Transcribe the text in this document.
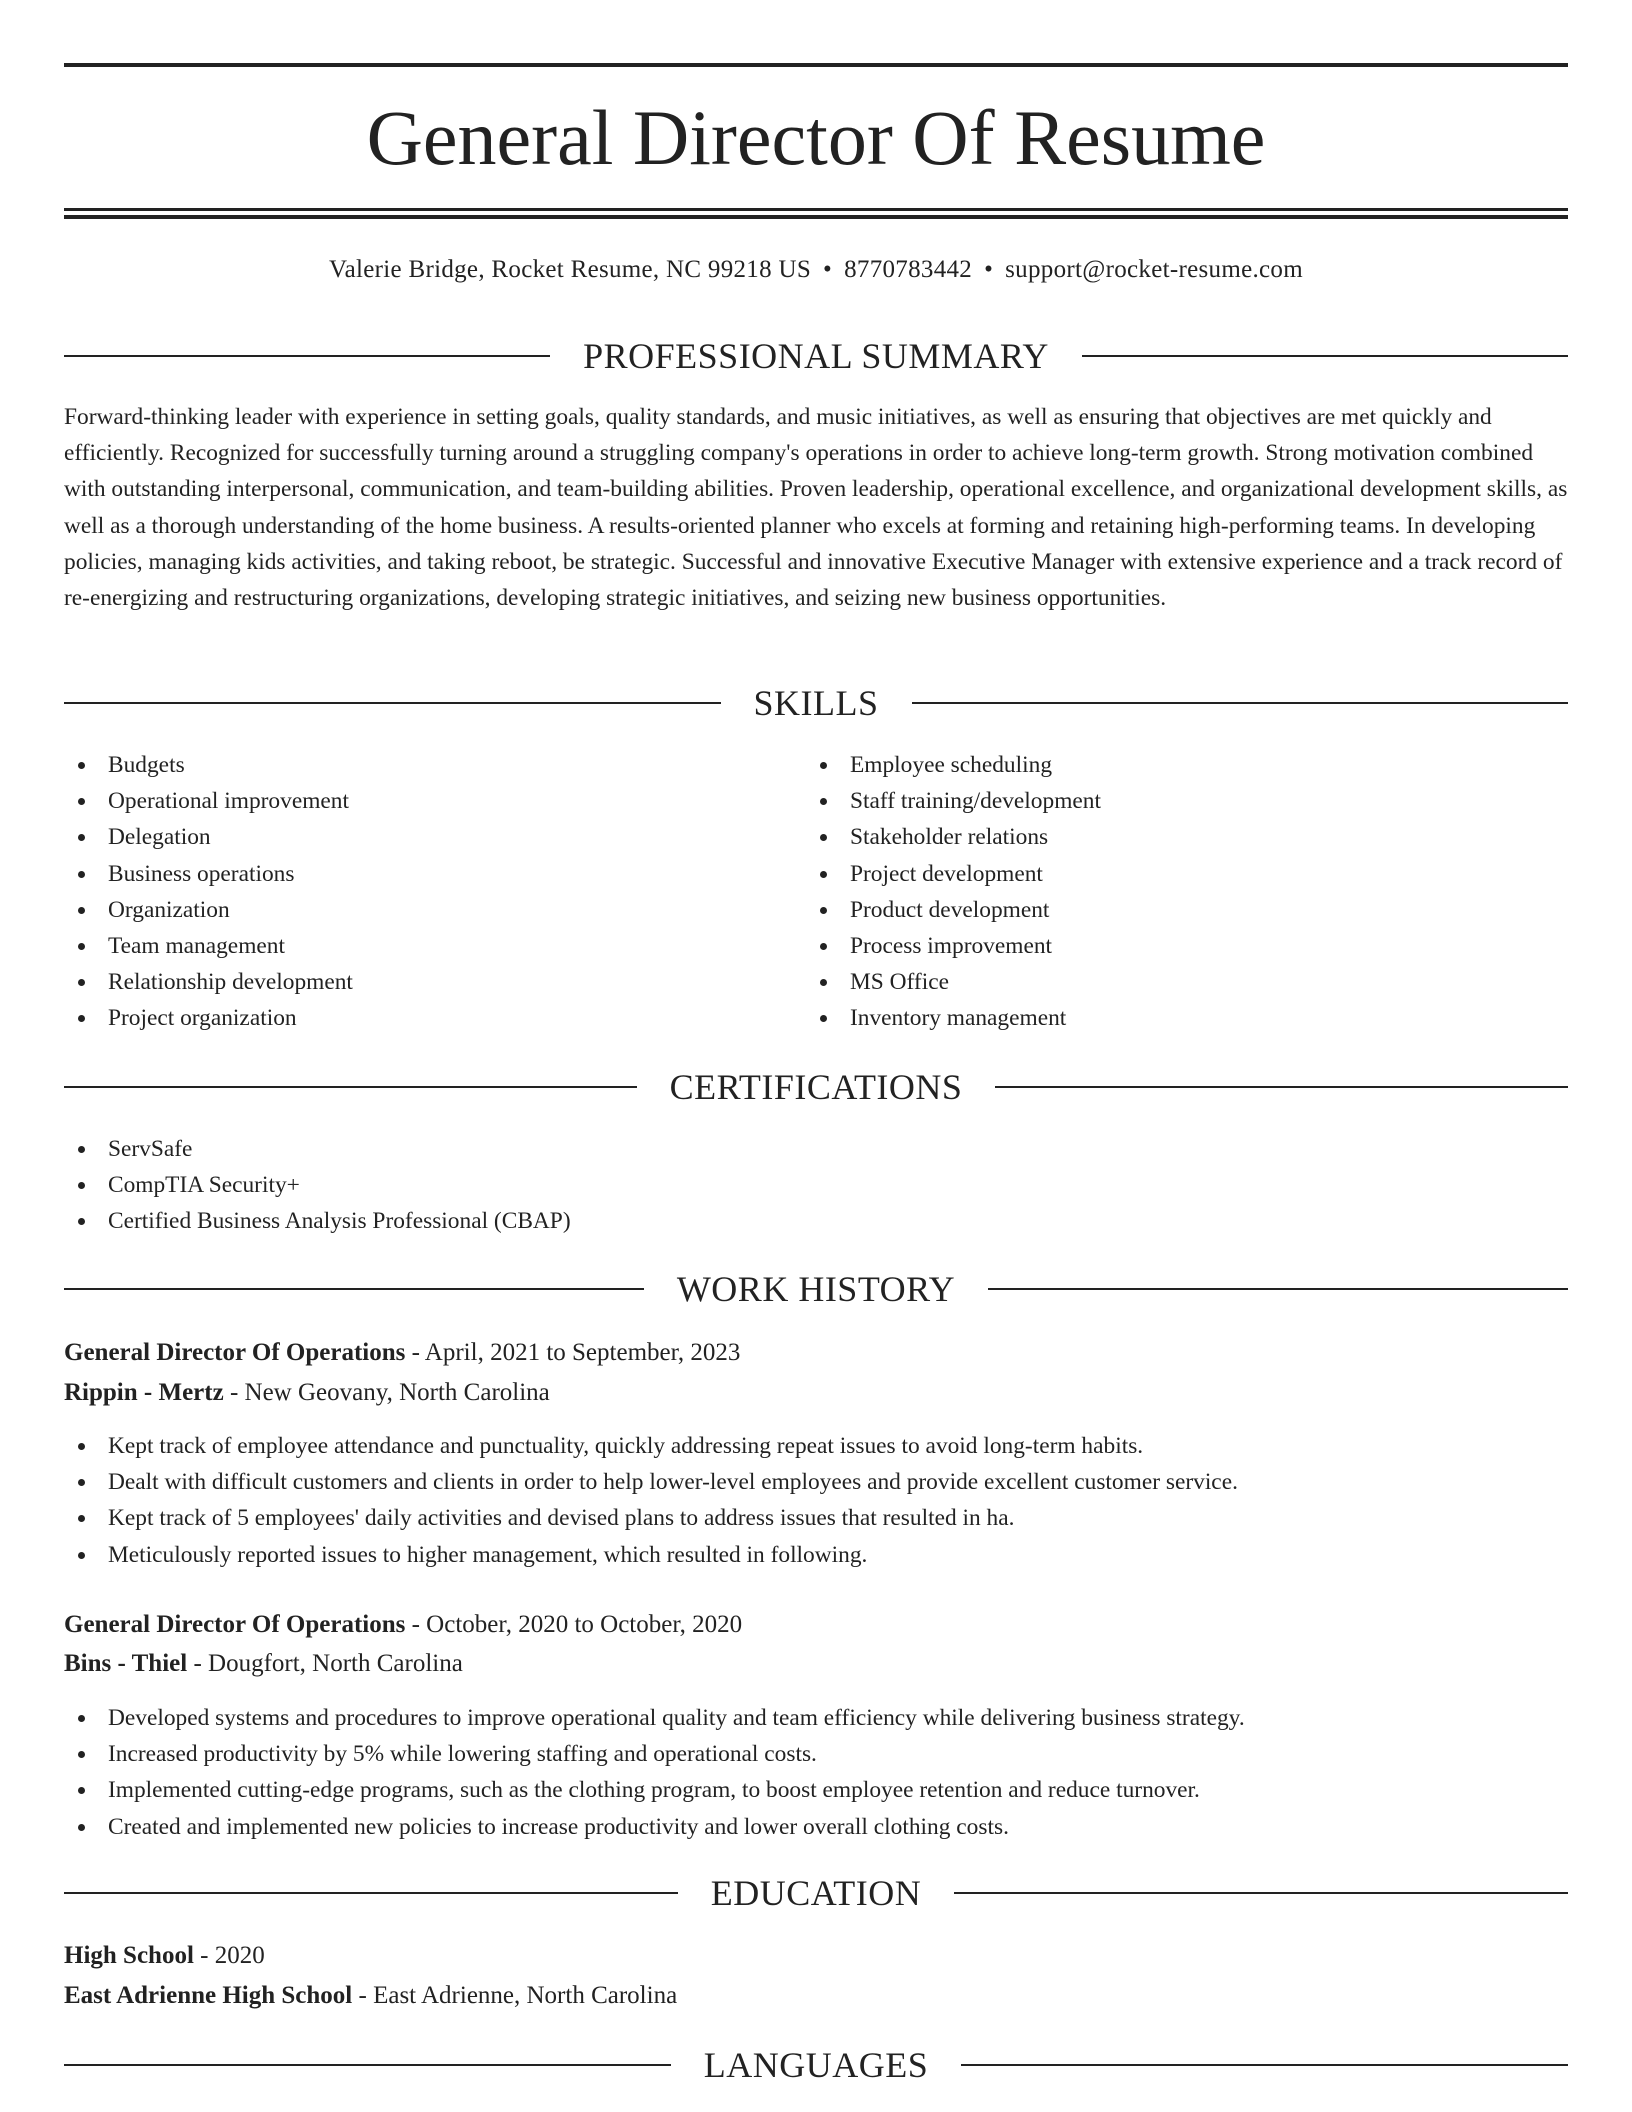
General Director Of Resume
Valerie Bridge, Rocket Resume, NC 99218 US • 8770783442 • support@rocket-resume.com
PROFESSIONAL SUMMARY

Forward-thinking leader with experience in setting goals, quality standards, and music initiatives, as well as ensuring that objectives are met quickly and efficiently. Recognized for successfully turning around a struggling company's operations in order to achieve long-term growth. Strong motivation combined with outstanding interpersonal, communication, and team-building abilities. Proven leadership, operational excellence, and organizational development skills, as well as a thorough understanding of the home business. A results-oriented planner who excels at forming and retaining high-performing teams. In developing policies, managing kids activities, and taking reboot, be strategic. Successful and innovative Executive Manager with extensive experience and a track record of re-energizing and restructuring organizations, developing strategic initiatives, and seizing new business opportunities.

SKILLS
Budgets
Operational improvement
Delegation
Business operations
Organization
Team management
Relationship development
Project organization
Employee scheduling
Staff training/development
Stakeholder relations
Project development
Product development
Process improvement
MS Office
Inventory management
CERTIFICATIONS
ServSafe
CompTIA Security+
Certified Business Analysis Professional (CBAP)
WORK HISTORY
General Director Of Operations - April, 2021 to September, 2023
Rippin - Mertz - New Geovany, North Carolina
Kept track of employee attendance and punctuality, quickly addressing repeat issues to avoid long-term habits.
Dealt with difficult customers and clients in order to help lower-level employees and provide excellent customer service.
Kept track of 5 employees' daily activities and devised plans to address issues that resulted in ha.
Meticulously reported issues to higher management, which resulted in following.
General Director Of Operations - October, 2020 to October, 2020
Bins - Thiel - Dougfort, North Carolina
Developed systems and procedures to improve operational quality and team efficiency while delivering business strategy.
Increased productivity by 5% while lowering staffing and operational costs.
Implemented cutting-edge programs, such as the clothing program, to boost employee retention and reduce turnover.
Created and implemented new policies to increase productivity and lower overall clothing costs.
EDUCATION
High School - 2020
East Adrienne High School - East Adrienne, North Carolina
LANGUAGES
